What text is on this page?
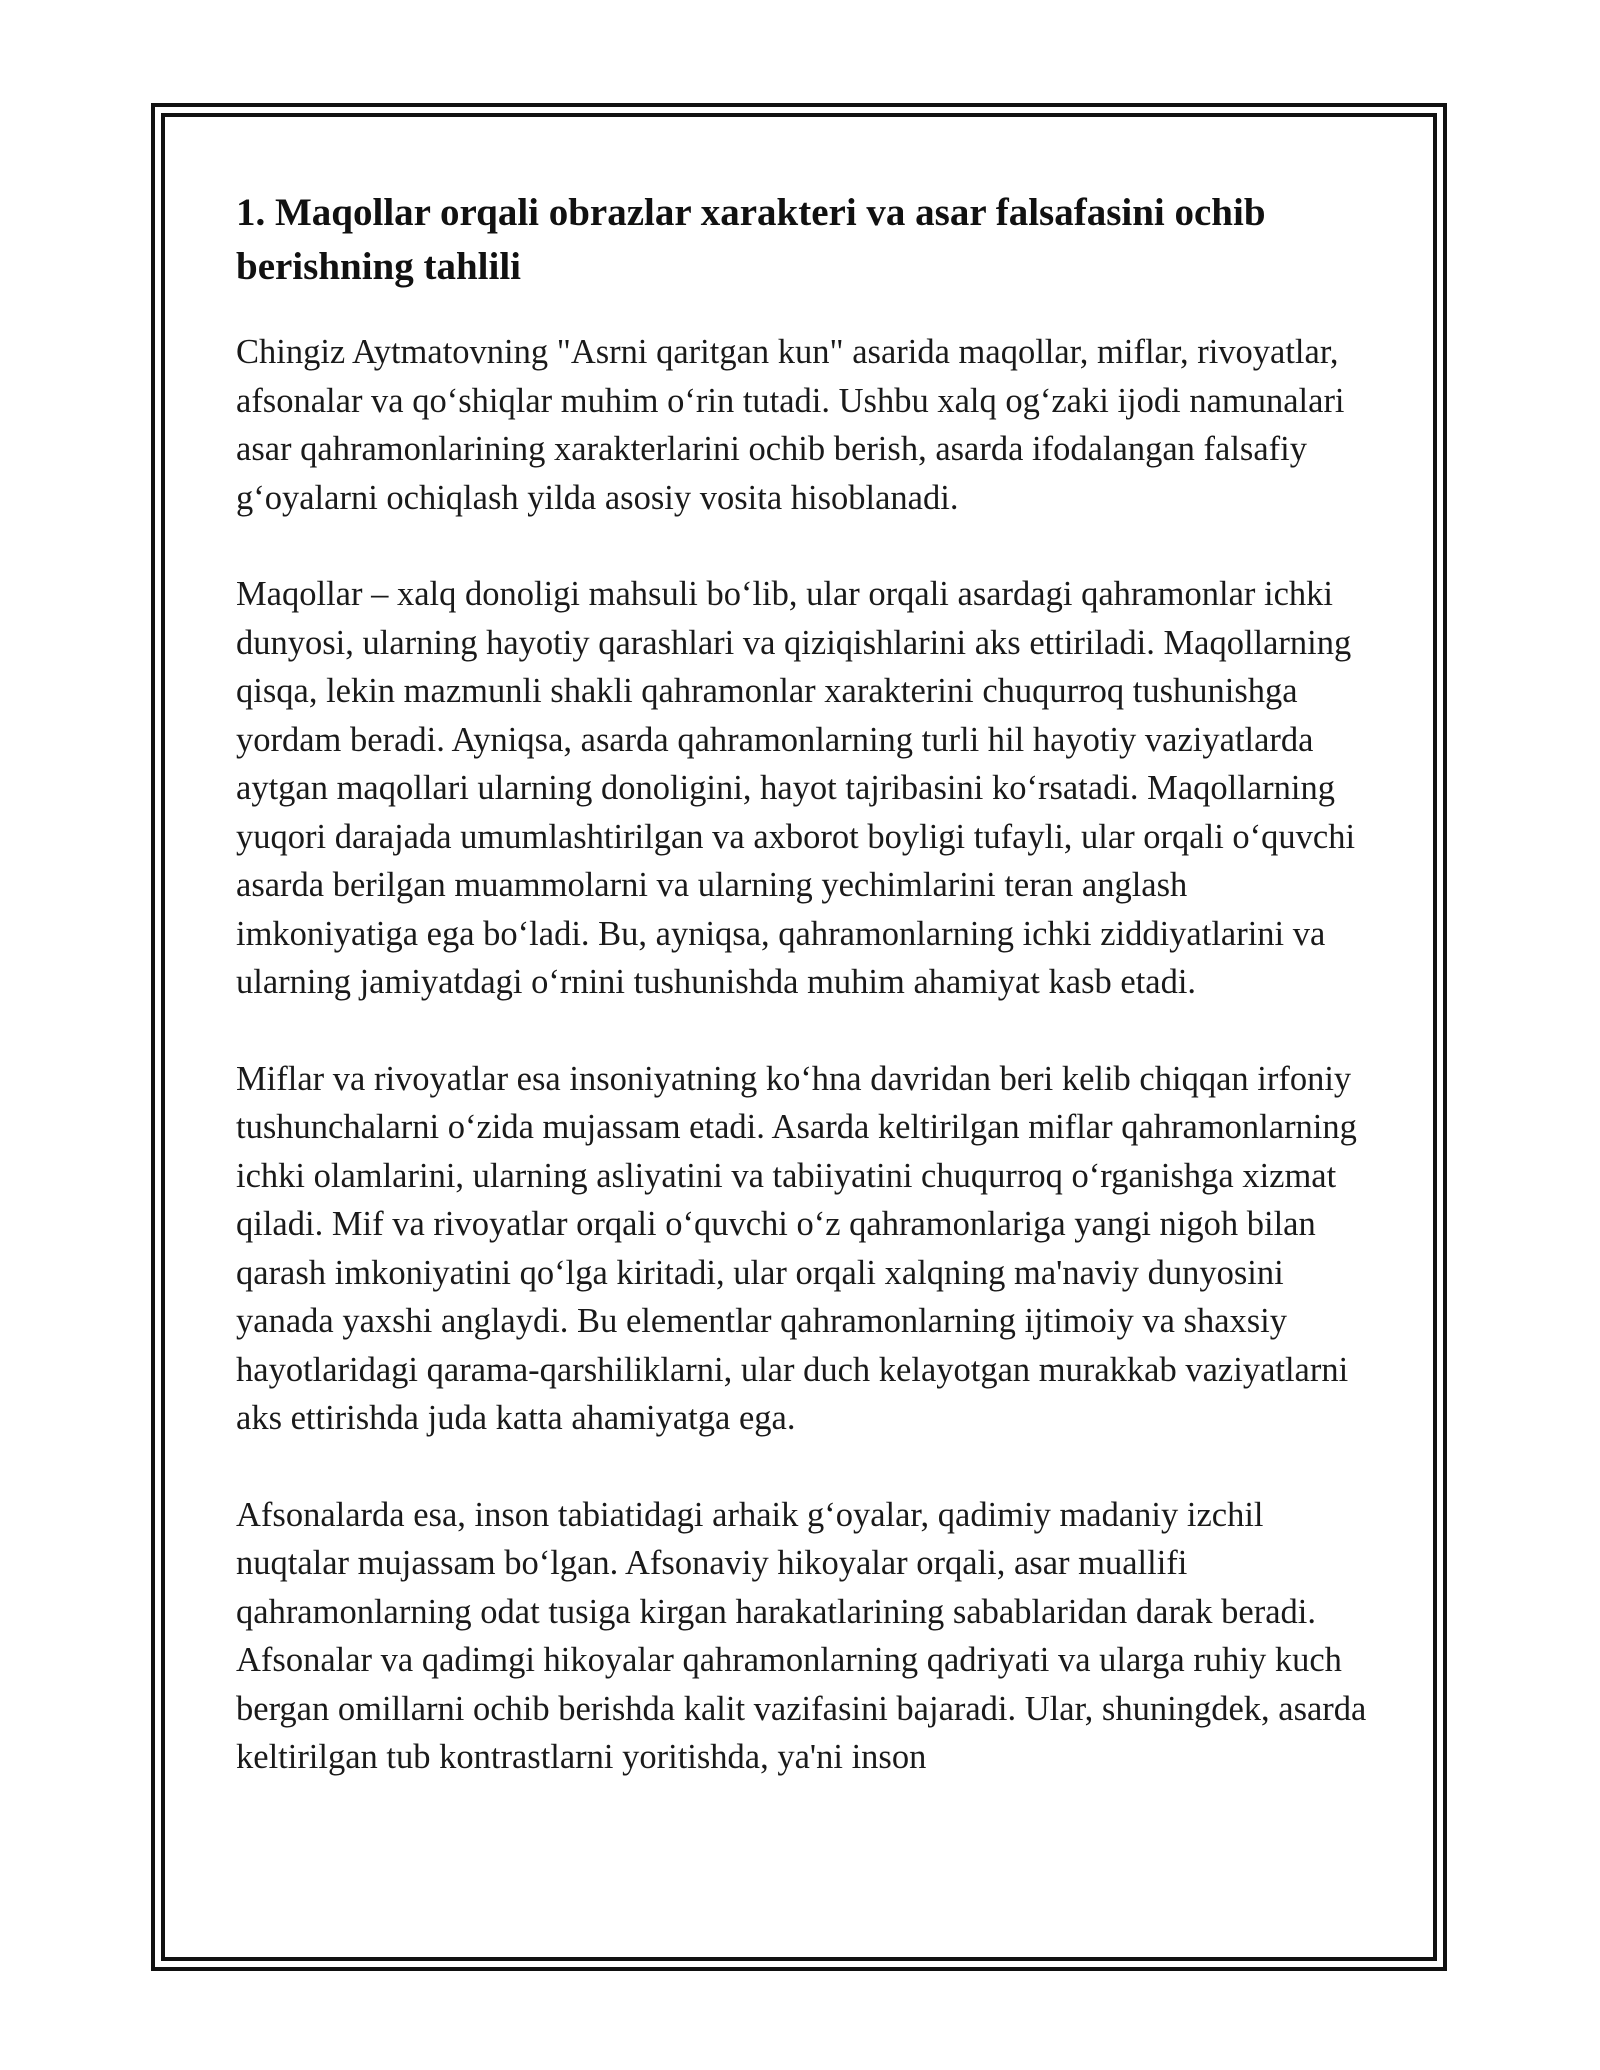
1. Maqollar orqali obrazlar xarakteri va asar falsafasini ochib berishning tahlili

Chingiz Aytmatovning "Asrni qaritgan kun" asarida maqollar, miflar, rivoyatlar, afsonalar va qo‘shiqlar muhim o‘rin tutadi. Ushbu xalq og‘zaki ijodi namunalari asar qahramonlarining xarakterlarini ochib berish, asarda ifodalangan falsafiy g‘oyalarni ochiqlash yilda asosiy vosita hisoblanadi.

Maqollar – xalq donoligi mahsuli bo‘lib, ular orqali asardagi qahramonlar ichki dunyosi, ularning hayotiy qarashlari va qiziqishlarini aks ettiriladi. Maqollarning qisqa, lekin mazmunli shakli qahramonlar xarakterini chuqurroq tushunishga yordam beradi. Ayniqsa, asarda qahramonlarning turli hil hayotiy vaziyatlarda aytgan maqollari ularning donoligini, hayot tajribasini ko‘rsatadi. Maqollarning yuqori darajada umumlashtirilgan va axborot boyligi tufayli, ular orqali o‘quvchi asarda berilgan muammolarni va ularning yechimlarini teran anglash imkoniyatiga ega bo‘ladi. Bu, ayniqsa, qahramonlarning ichki ziddiyatlarini va ularning jamiyatdagi o‘rnini tushunishda muhim ahamiyat kasb etadi.

Miflar va rivoyatlar esa insoniyatning ko‘hna davridan beri kelib chiqqan irfoniy tushunchalarni o‘zida mujassam etadi. Asarda keltirilgan miflar qahramonlarning ichki olamlarini, ularning asliyatini va tabiiyatini chuqurroq o‘rganishga xizmat qiladi. Mif va rivoyatlar orqali o‘quvchi o‘z qahramonlariga yangi nigoh bilan qarash imkoniyatini qo‘lga kiritadi, ular orqali xalqning ma'naviy dunyosini yanada yaxshi anglaydi. Bu elementlar qahramonlarning ijtimoiy va shaxsiy hayotlaridagi qarama-qarshiliklarni, ular duch kelayotgan murakkab vaziyatlarni aks ettirishda juda katta ahamiyatga ega.

Afsonalarda esa, inson tabiatidagi arhaik g‘oyalar, qadimiy madaniy izchil nuqtalar mujassam bo‘lgan. Afsonaviy hikoyalar orqali, asar muallifi qahramonlarning odat tusiga kirgan harakatlarining sabablaridan darak beradi. Afsonalar va qadimgi hikoyalar qahramonlarning qadriyati va ularga ruhiy kuch bergan omillarni ochib berishda kalit vazifasini bajaradi. Ular, shuningdek, asarda keltirilgan tub kontrastlarni yoritishda, ya'ni inson
